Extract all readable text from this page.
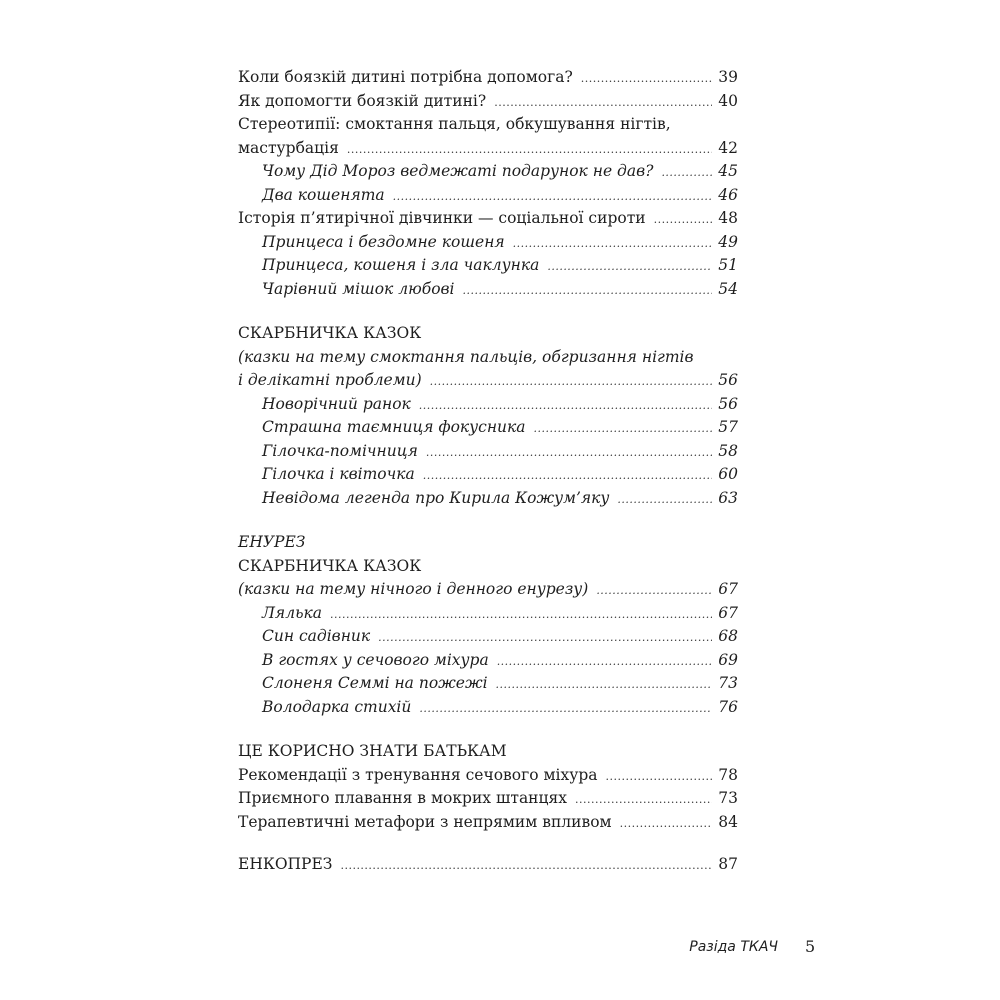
Коли боязкій дитині потрібна допомога? .....	39
Як допомогти боязкій дитині? .....	40
Стереотипії: смоктання пальця, обкушування нігтів,
мастурбація .....	42
Чому Дід Мороз ведмежаті подарунок не дав? .....	45
Два кошенята .....	46
Історія п’ятирічної дівчинки — соціальної сироти .....	48
Принцеса і бездомне кошеня .....	49
Принцеса, кошеня і зла чаклунка .....	51
Чарівний мішок любові .....	54
СКАРБНИЧКА КАЗОК
(казки на тему смоктання пальців, обгризання нігтів
і делікатні проблеми) .....	56
Новорічний ранок .....	56
Страшна таємниця фокусника .....	57
Гілочка-помічниця .....	58
Гілочка і квіточка .....	60
Невідома легенда про Кирила Кожум’яку .....	63
ЕНУРЕЗ
СКАРБНИЧКА КАЗОК
(казки на тему нічного і денного енурезу) .....	67
Лялька .....	67
Син садівник .....	68
В гостях у сечового міхура .....	69
Слоненя Семмі на пожежі .....	73
Володарка стихій .....	76
ЦЕ КОРИСНО ЗНАТИ БАТЬКАМ
Рекомендації з тренування сечового міхура .....	78
Приємного плавання в мокрих штанцях .....	73
Терапевтичні метафори з непрямим впливом .....	84
ЕНКОПРЕЗ .....	87
Разіда ТКАЧ 5
